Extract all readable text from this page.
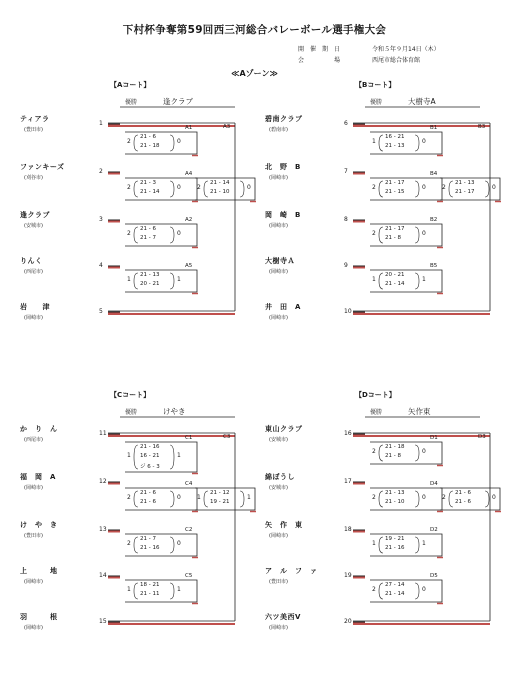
下村杯争奪第59回西三河総合バレーボール選手権大会
開　催　期　日	令和５年９月14日（木）
会　　　　　場	西尾市総合体育館
≪Aゾーン≫
【Aコート】
優勝	逢クラブ
ティアラ
(豊田市)
1
ファンキーズ
(刈谷市)
2
逢クラブ
(安城市)
3
りんく
(西尾市)
4
岩　　津
(岡崎市)
5
A3
A1
2	0
21 - 6
21 - 18
A4
2	0
21 - 3
21 - 14
A2
2	0
21 - 6
21 - 7
A5
1	1
21 - 13
20 - 21
2	0
21 - 14
21 - 10
【Bコート】
優勝	大樹寺A
碧南クラブ
(碧南市)
6
北　野　B
(岡崎市)
7
岡　崎　B
(岡崎市)
8
大樹寺Ａ
(岡崎市)
9
井　田　A
(岡崎市)
10
B3
B1
1	0
16 - 21
21 - 13
B4
2	0
21 - 17
21 - 15
B2
2	0
21 - 17
21 - 8
B5
1	1
20 - 21
21 - 14
2	0
21 - 13
21 - 17
【Cコート】
優勝	けやき
か　り　ん
(西尾市)
11
福　岡　A
(岡崎市)
12
け　や　き
(豊田市)
13
上　　　地
(岡崎市)
14
羽　　　根
(岡崎市)
15
C3
C1
1	1
21 - 16
16 - 21
ジ 6 - 3
C4
2	0
21 - 6
21 - 6
C2
2	0
21 - 7
21 - 16
C5
1	1
18 - 21
21 - 11
1	1
21 - 12
19 - 21
【Dコート】
優勝	矢作東
東山クラブ
(安城市)
16
綿ぼうし
(安城市)
17
矢　作　東
(岡崎市)
18
ア　ル　フ　ァ
(豊田市)
19
六ツ美西V
(岡崎市)
20
D3
D1
2	0
21 - 18
21 - 8
D4
2	0
21 - 13
21 - 10
D2
1	1
19 - 21
21 - 16
D5
2	0
27 - 14
21 - 14
2	0
21 - 6
21 - 6
